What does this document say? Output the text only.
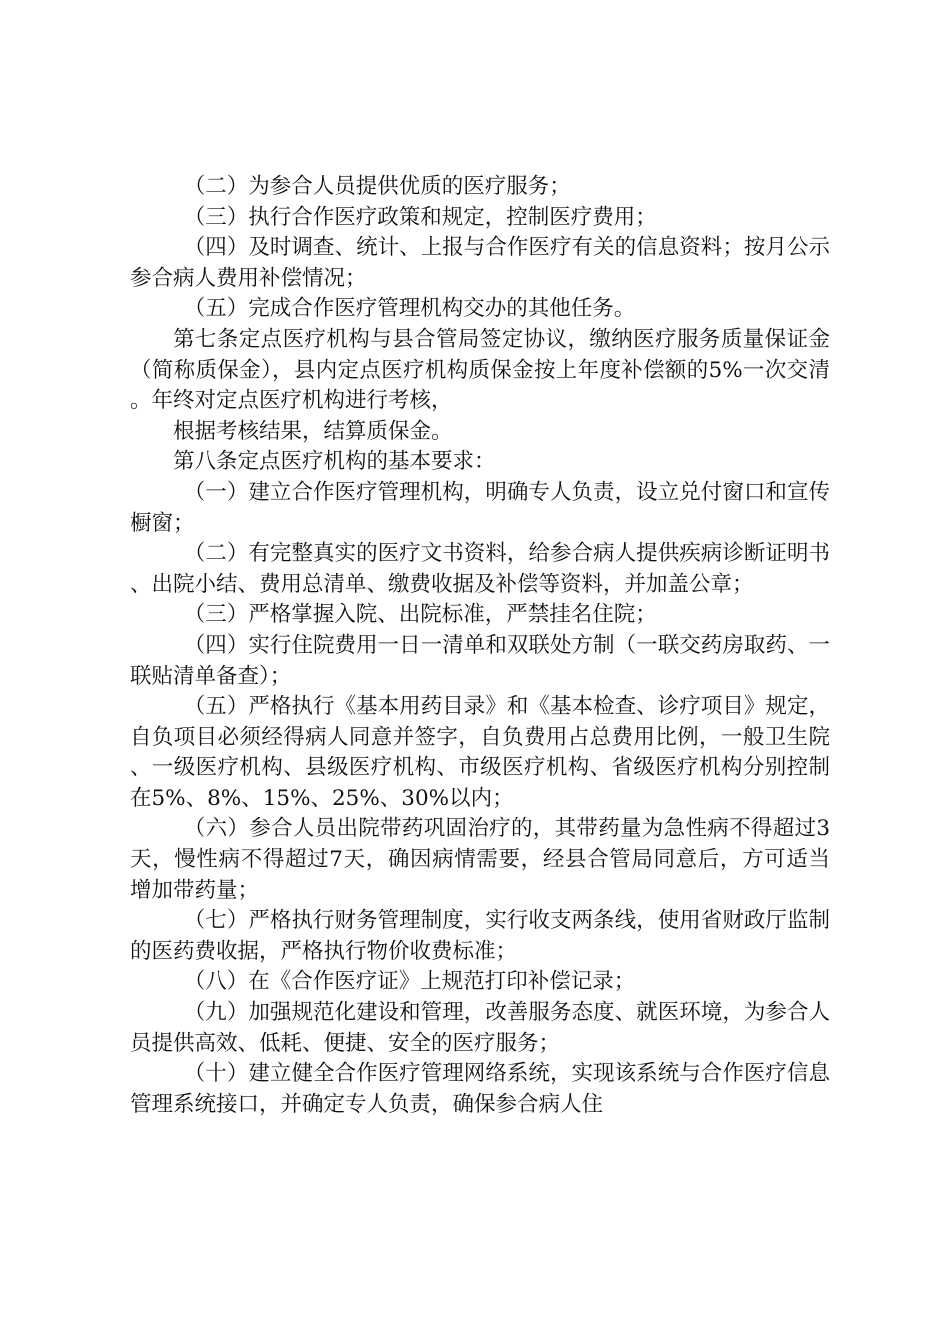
（二）为参合人员提供优质的医疗服务；

（三）执行合作医疗政策和规定，控制医疗费用；

（四）及时调查、统计、上报与合作医疗有关的信息资料；按月公示参合病人费用补偿情况；

（五）完成合作医疗管理机构交办的其他任务。

第七条定点医疗机构与县合管局签定协议，缴纳医疗服务质量保证金（简称质保金），县内定点医疗机构质保金按上年度补偿额的5%一次交清。年终对定点医疗机构进行考核，

根据考核结果，结算质保金。

第八条定点医疗机构的基本要求：

（一）建立合作医疗管理机构，明确专人负责，设立兑付窗口和宣传橱窗；

（二）有完整真实的医疗文书资料，给参合病人提供疾病诊断证明书、出院小结、费用总清单、缴费收据及补偿等资料，并加盖公章；

（三）严格掌握入院、出院标准，严禁挂名住院；

（四）实行住院费用一日一清单和双联处方制（一联交药房取药、一联贴清单备查）；

（五）严格执行《基本用药目录》和《基本检查、诊疗项目》规定，自负项目必须经得病人同意并签字，自负费用占总费用比例，一般卫生院、一级医疗机构、县级医疗机构、市级医疗机构、省级医疗机构分别控制在5%、8%、15%、25%、30%以内；

（六）参合人员出院带药巩固治疗的，其带药量为急性病不得超过3天，慢性病不得超过7天，确因病情需要，经县合管局同意后，方可适当增加带药量；

（七）严格执行财务管理制度，实行收支两条线，使用省财政厅监制的医药费收据，严格执行物价收费标准；

（八）在《合作医疗证》上规范打印补偿记录；

（九）加强规范化建设和管理，改善服务态度、就医环境，为参合人员提供高效、低耗、便捷、安全的医疗服务；

（十）建立健全合作医疗管理网络系统，实现该系统与合作医疗信息管理系统接口，并确定专人负责，确保参合病人住
